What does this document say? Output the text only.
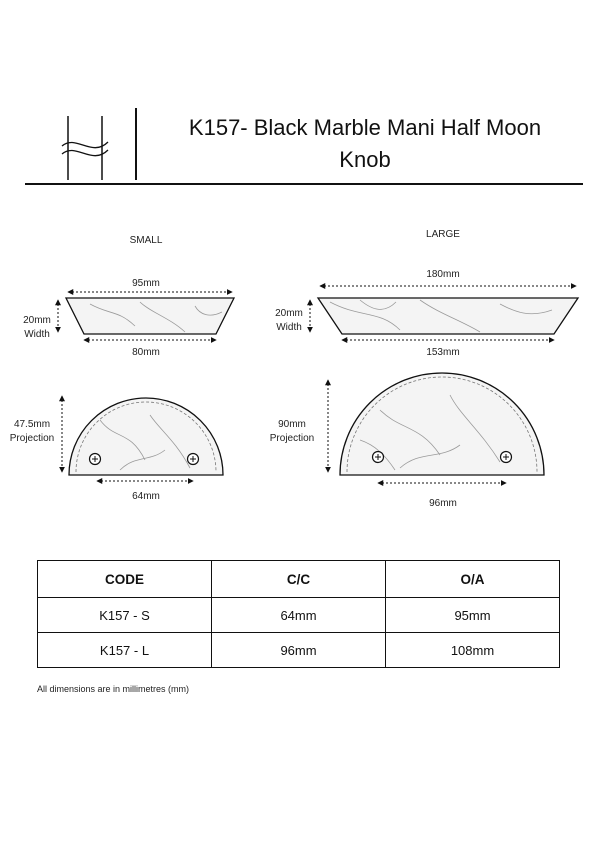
K157- Black Marble Mani Half Moon
Knob
SMALL
95mm
20mm
Width
80mm
47.5mm
Projection
64mm
LARGE
180mm
20mm
Width
153mm
90mm
Projection
96mm
CODE	C/C	O/A
K157 - S	64mm	95mm
K157 - L	96mm	108mm
All dimensions are in millimetres (mm)
